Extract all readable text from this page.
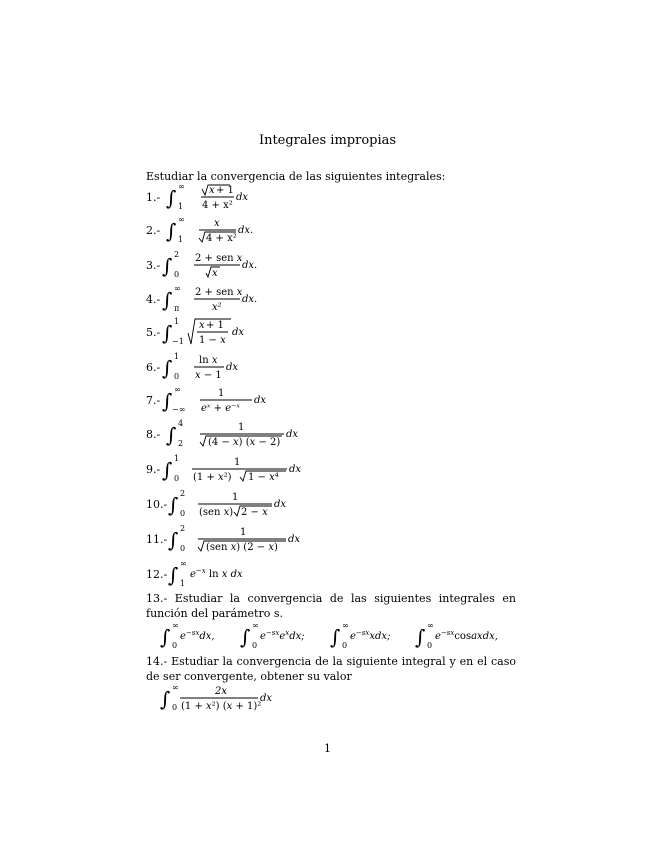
Integrales impropias
Estudiar la convergencia de las siguientes integrales:
1.- ∫ ∞
1
x + 1
4 + x²
dx
2.- ∫ ∞
1
x
4 + x²
dx.
3.- ∫ 2
0
2 + sen x
x
dx.
4.- ∫ ∞
π
2 + sen x
x²
dx.
5.- ∫ 1
−1
x + 1
1 − x
dx
6.- ∫ 1
0
ln x
x − 1
dx
7.- ∫ ∞
−∞
1
eˣ + e⁻ˣ
dx
8.- ∫ 4
2
1
(4 − x) (x − 2)
dx
9.- ∫ 1
0
1
(1 + x²) 1 − x⁴
dx
10.- ∫ 2
0
1
(sen x) 2 − x
dx
11.- ∫ 2
0
1
(sen x) (2 − x)
dx
12.- ∫ ∞
1
$e^{-x}$ ln x dx
13.- Estudiar la convergencia de las siguientes integrales en función del parámetro s.
∫ ∞
0
$e^{-sx}dx$, ∫ ∞
0
$e^{-sx}e^xdx$; ∫ ∞
0
$e^{-sx}xdx$; ∫ ∞
0
$e^{-sx}cosaxdx$,
14.- Estudiar la convergencia de la siguiente integral y en el caso de ser convergente, obtener su valor
∫ ∞
0
2x
(1 + x²) (x + 1)²
dx
1
